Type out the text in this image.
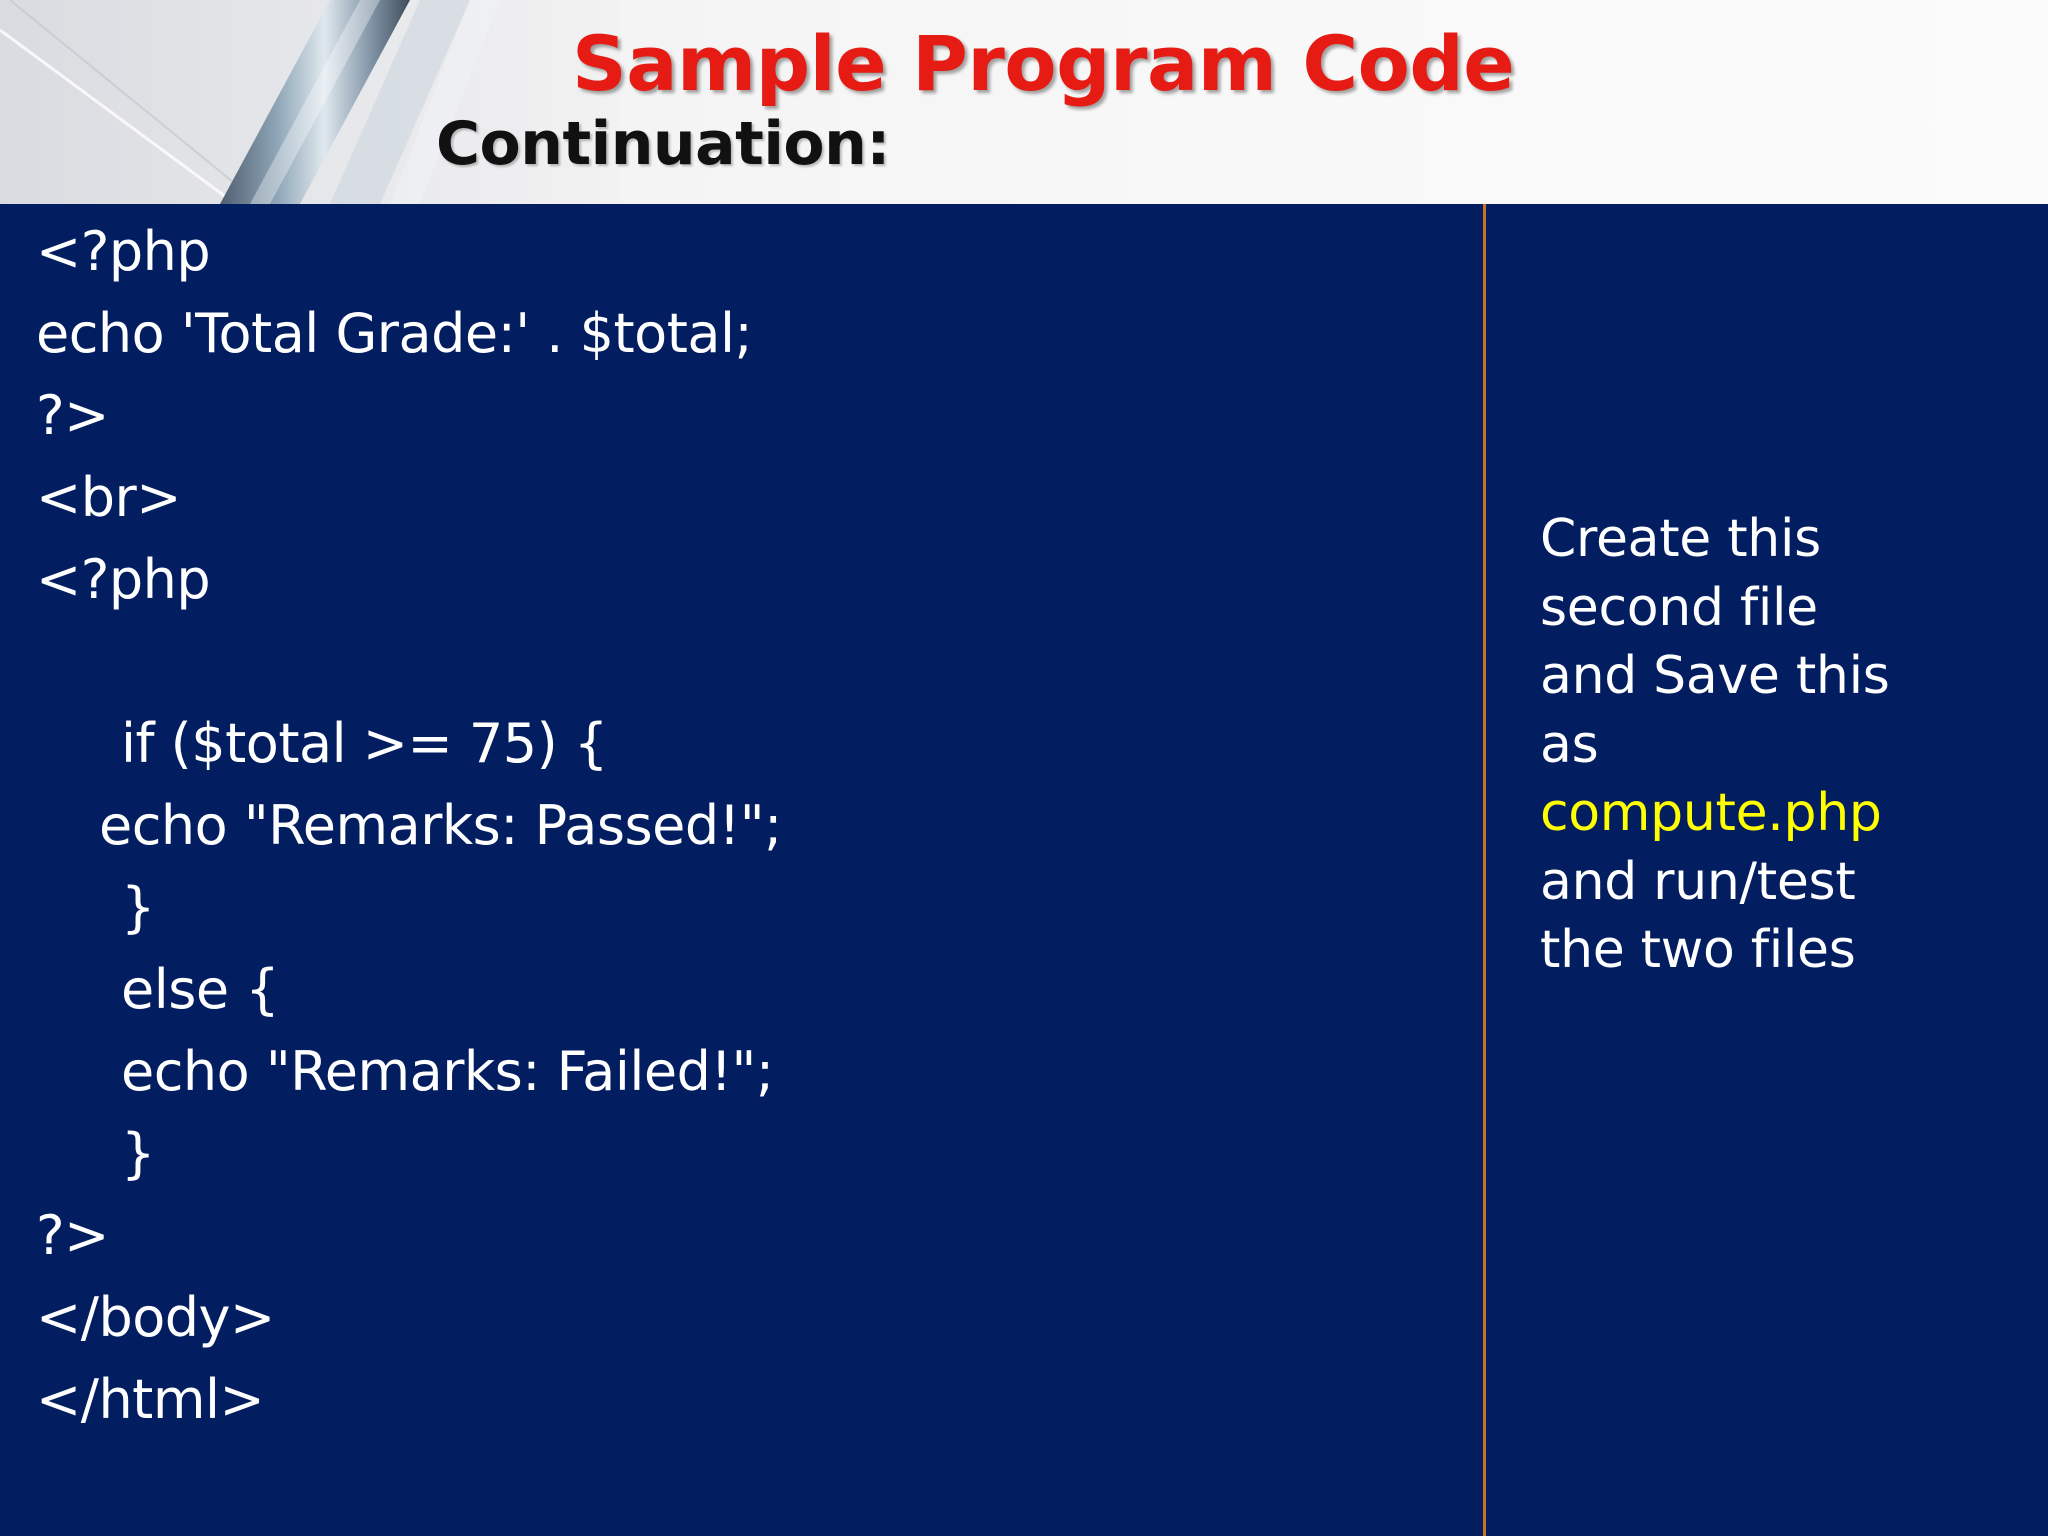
Sample Program Code
Continuation:
<?php
echo 'Total Grade:' . $total;
?>
<br>
<?php
if ($total >= 75) {
echo "Remarks: Passed!";
}
else {
echo "Remarks: Failed!";
}
?>
</body>
</html>

Create this
second file
and Save this
as
compute.php
and run/test
the two files
